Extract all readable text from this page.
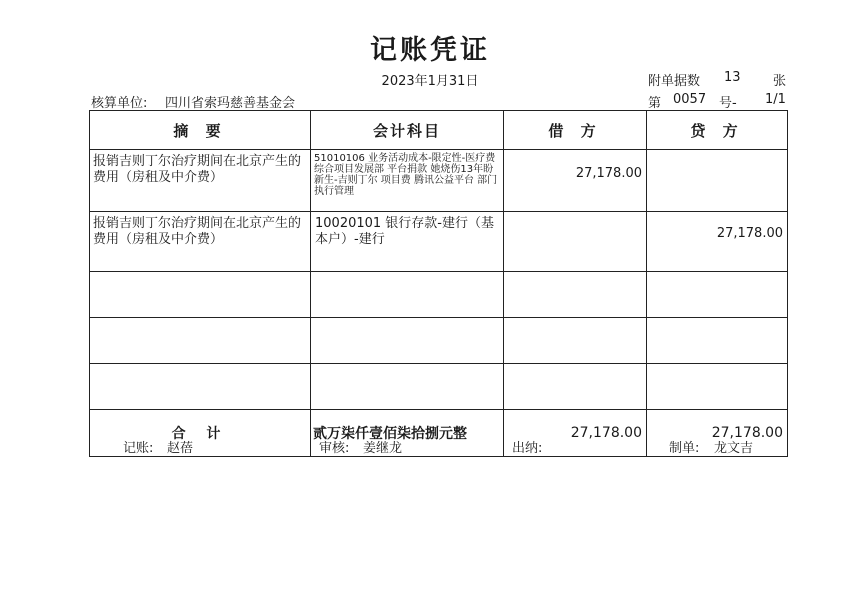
记账凭证
2023年1月31日	附单据数 13 张
核算单位: 四川省索玛慈善基金会	第 0057 号- 1/1
摘 要	会计科目	借 方	贷 方
报销吉则丁尔治疗期间在北京产生的费用（房租及中介费）	51010106 业务活动成本-限定性-医疗费 综合项目发展部 平台捐款 她烧伤13年盼新生-吉则丁尔 项目费 腾讯公益平台 部门执行管理	27,178.00	
报销吉则丁尔治疗期间在北京产生的费用（房租及中介费）	10020101 银行存款-建行（基本户）-建行		27,178.00

合 计	贰万柒仟壹佰柒拾捌元整	27,178.00	27,178.00
记账: 赵蓓	审核: 姜继龙	出纳:	制单: 龙文吉
